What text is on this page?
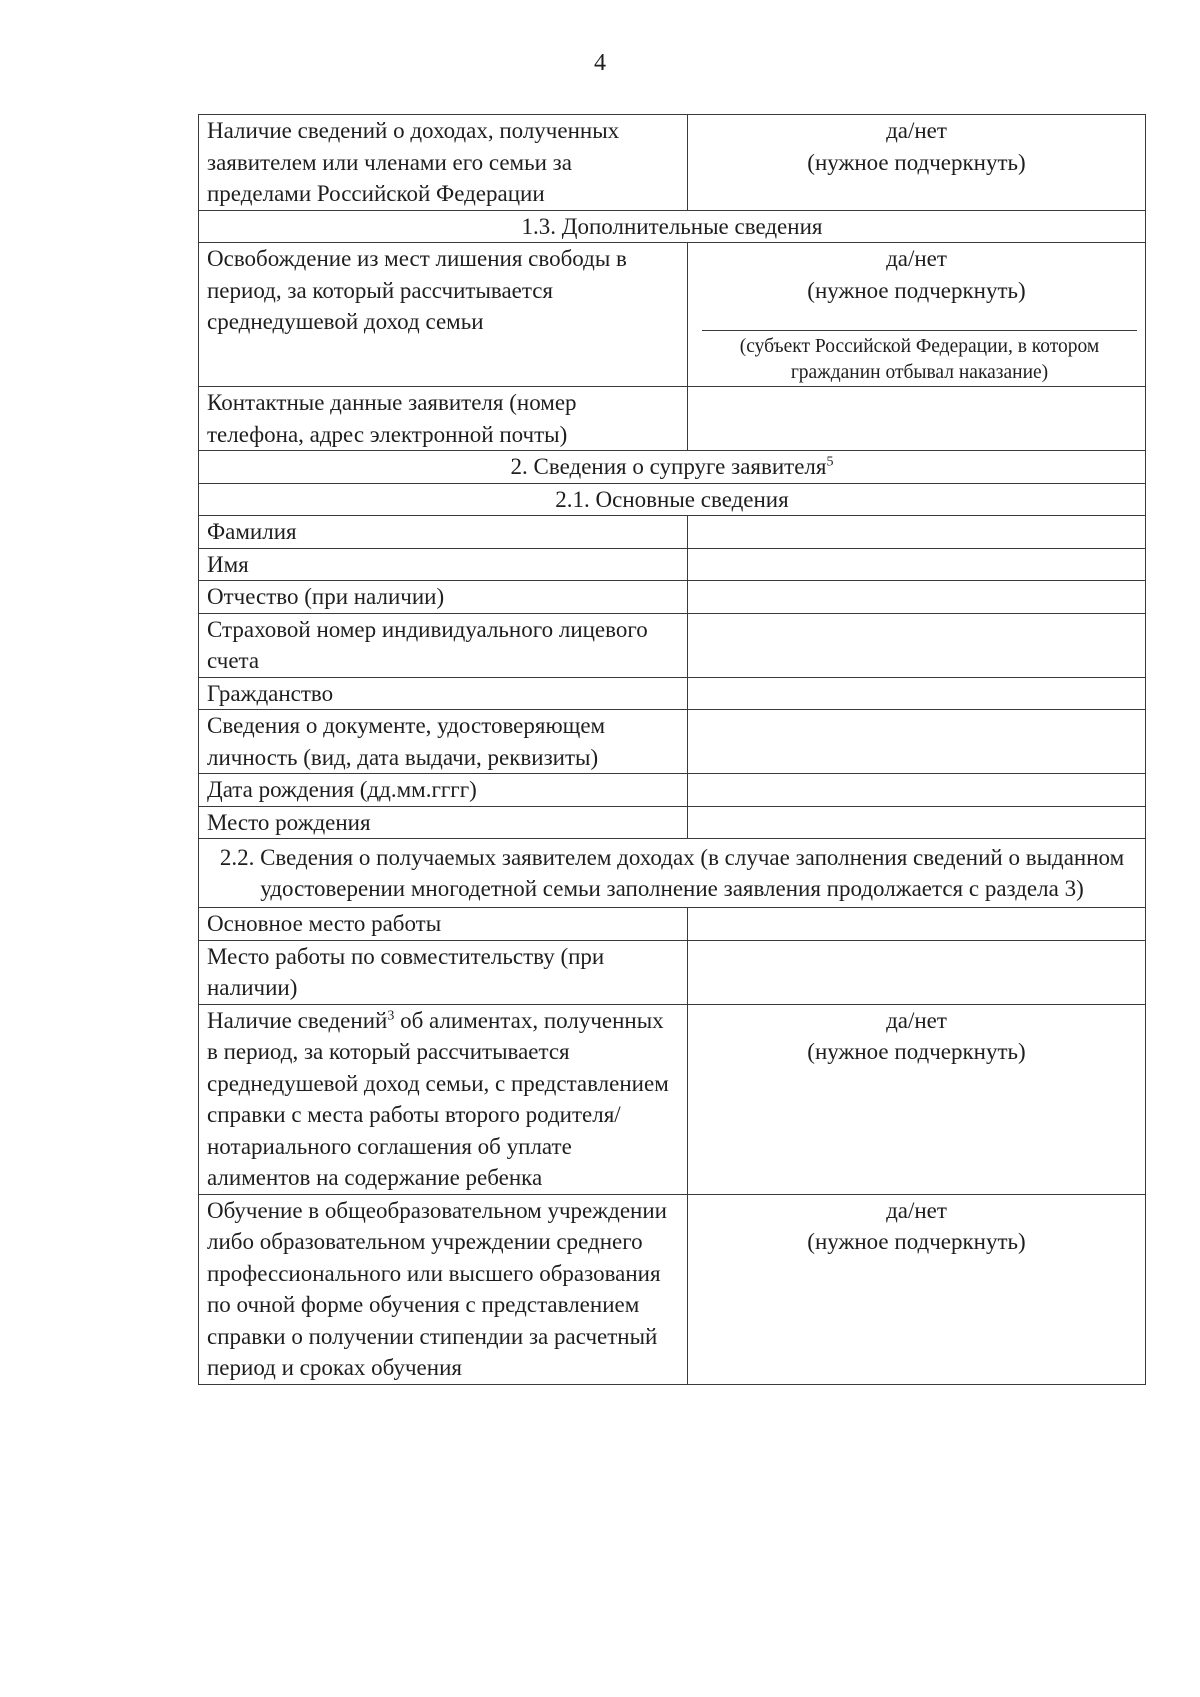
4
Наличие сведений о доходах, полученных заявителем или членами его семьи за пределами Российской Федерации	да/нет
(нужное подчеркнуть)

1.3. Дополнительные сведения	
Освобождение из мест лишения свободы в период, за который рассчитывается среднедушевой доход семьи	да/нет
(нужное подчеркнуть)
(субъект Российской Федерации, в котором гражданин отбывал наказание)

Контактные данные заявителя (номер телефона, адрес электронной почты)	
2. Сведения о супруге заявителя$^5$
2.1. Основные сведения	
Фамилия	
Имя	
Отчество (при наличии)	
Страховой номер индивидуального лицевого счета	
Гражданство	
Сведения о документе, удостоверяющем личность (вид, дата выдачи, реквизиты)	
Дата рождения (дд.мм.гггг)	
Место рождения	
2.2. Сведения о получаемых заявителем доходах (в случае заполнения сведений о выданном удостоверении многодетной семьи заполнение заявления продолжается с раздела 3)	
Основное место работы	
Место работы по совместительству (при наличии)	
Наличие сведений$^3$ об алиментах, полученных в период, за который рассчитывается среднедушевой доход семьи, с представлением справки с места работы второго родителя/ нотариального соглашения об уплате алиментов на содержание ребенка	да/нет
(нужное подчеркнуть)

Обучение в общеобразовательном учреждении либо образовательном учреждении среднего профессионального или высшего образования по очной форме обучения с представлением справки о получении стипендии за расчетный период и сроках обучения	да/нет
(нужное подчеркнуть)
